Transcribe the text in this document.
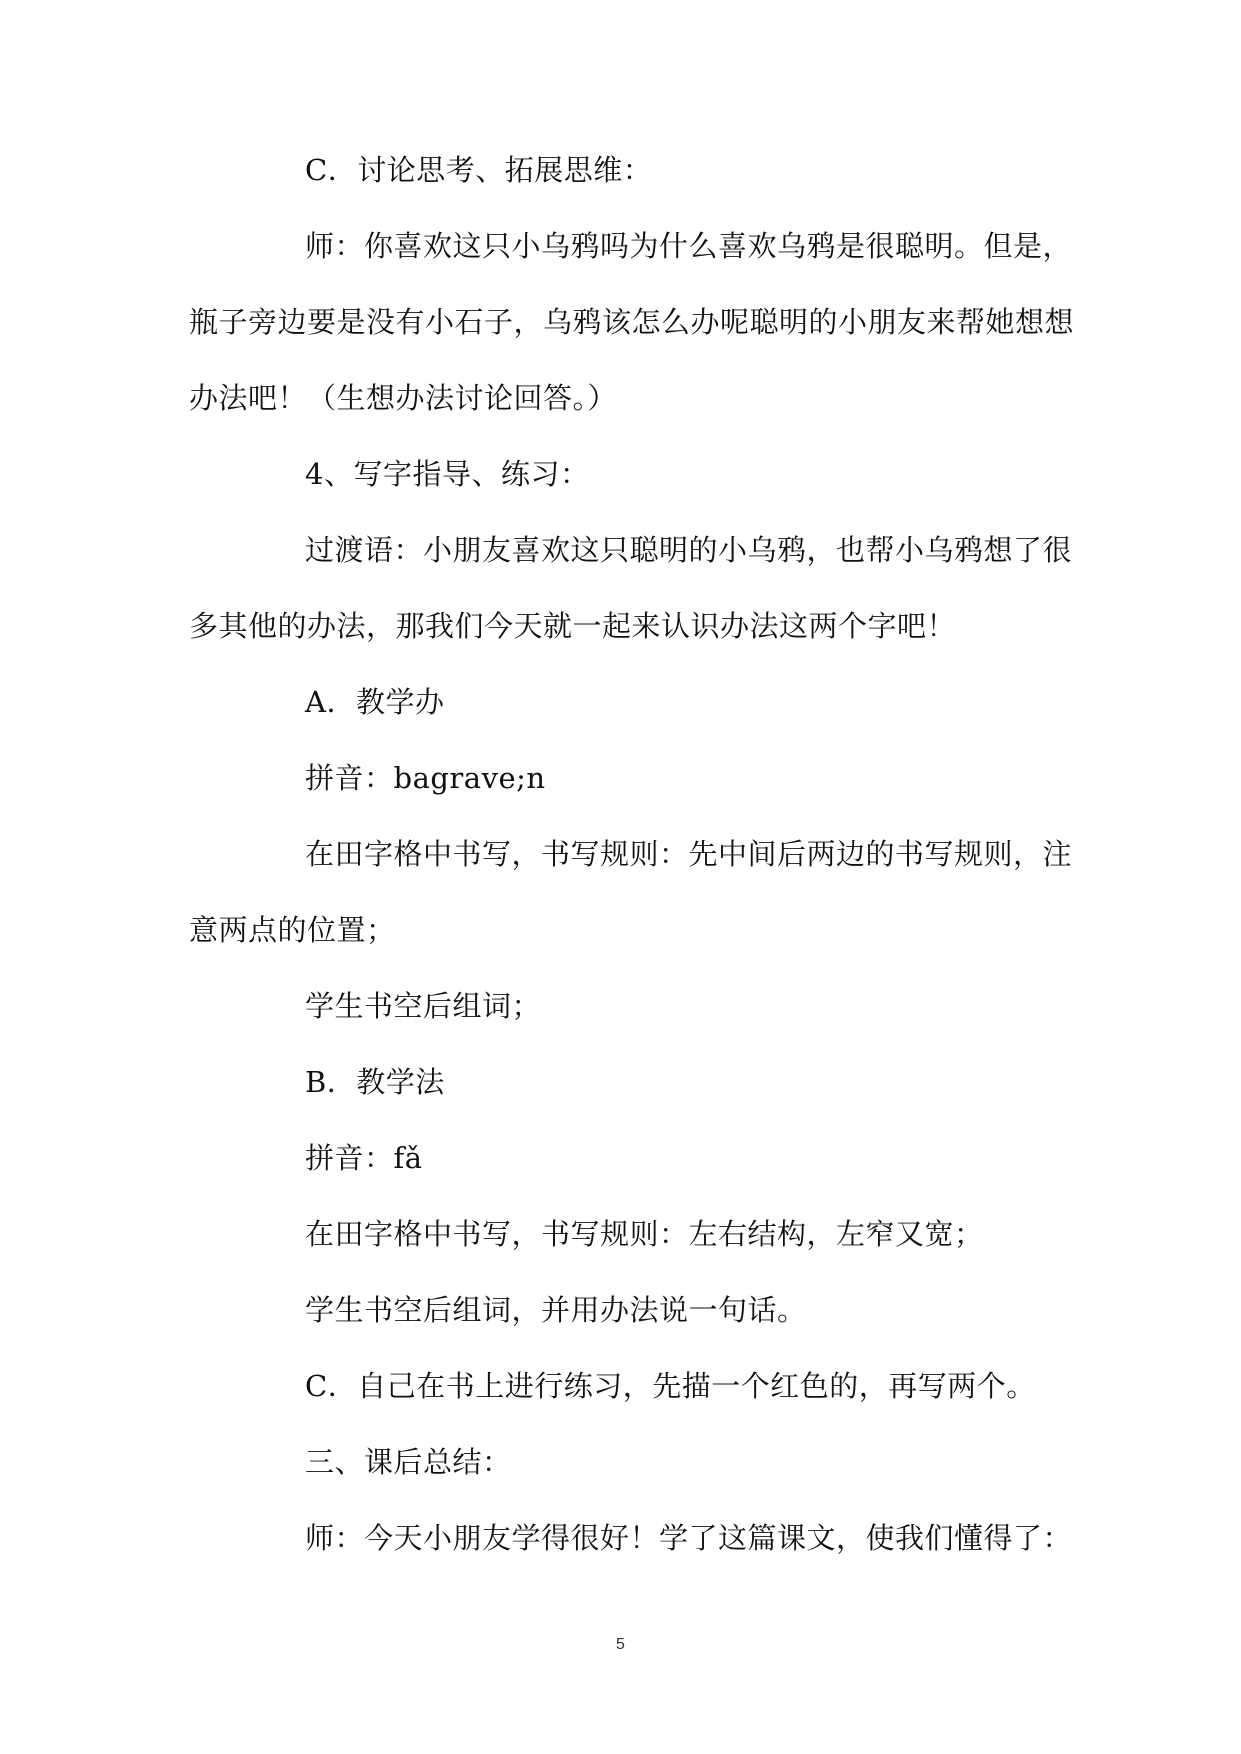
C．讨论思考、拓展思维：
师：你喜欢这只小乌鸦吗为什么喜欢乌鸦是很聪明。但是，
瓶子旁边要是没有小石子，乌鸦该怎么办呢聪明的小朋友来帮她想想
办法吧！（生想办法讨论回答。）
4、写字指导、练习：
过渡语：小朋友喜欢这只聪明的小乌鸦，也帮小乌鸦想了很
多其他的办法，那我们今天就一起来认识办法这两个字吧！
A．教学办
拼音：bagrave;n
在田字格中书写，书写规则：先中间后两边的书写规则，注
意两点的位置；
学生书空后组词；
B．教学法
拼音：fǎ
在田字格中书写，书写规则：左右结构，左窄又宽；
学生书空后组词，并用办法说一句话。
C．自己在书上进行练习，先描一个红色的，再写两个。
三、课后总结：
师：今天小朋友学得很好！学了这篇课文，使我们懂得了：
5
